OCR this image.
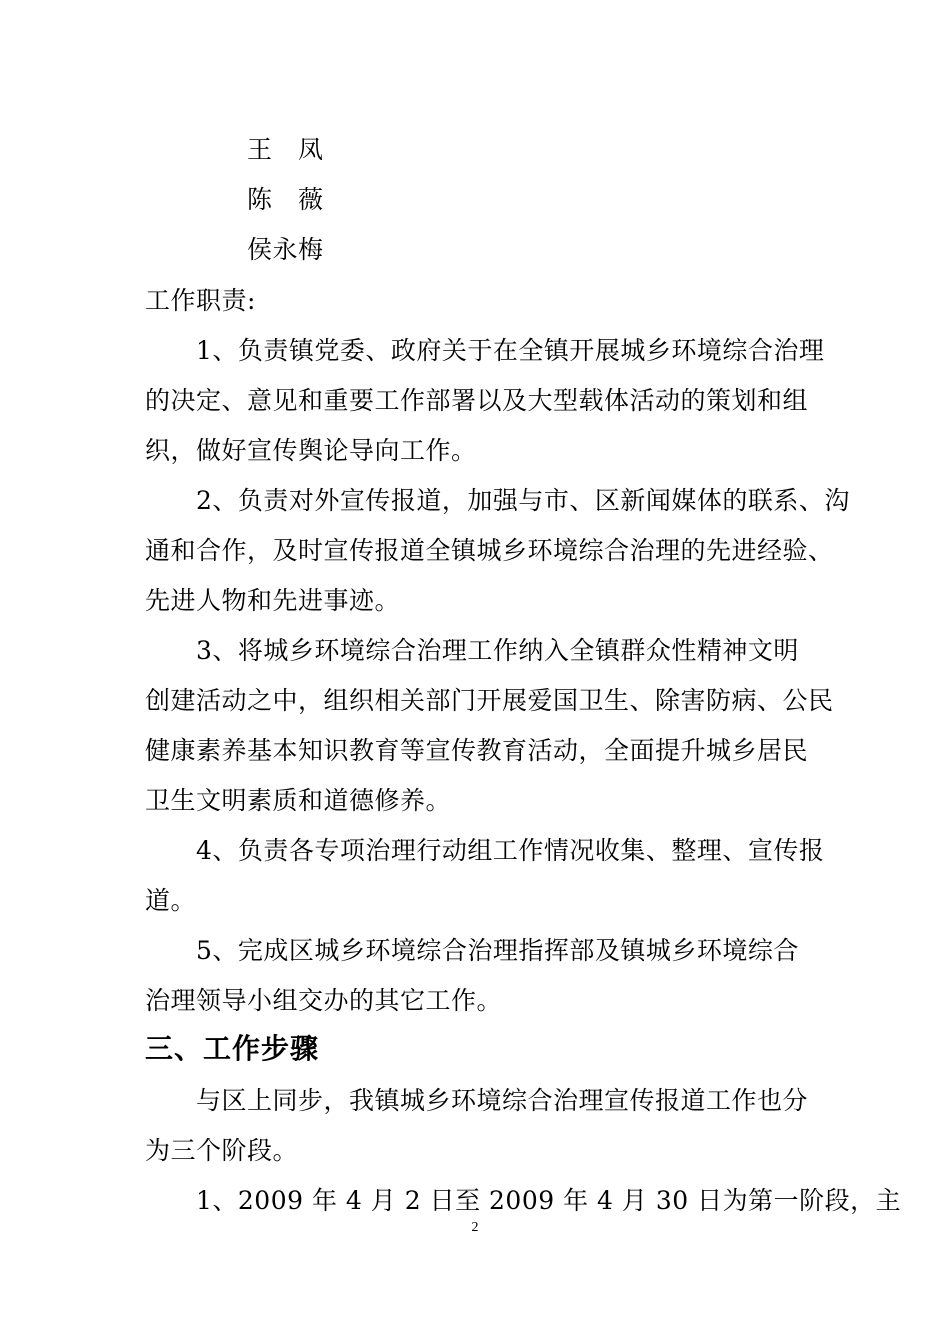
王　凤
陈　薇
侯永梅
工作职责:
1、负责镇党委、政府关于在全镇开展城乡环境综合治理
的决定、意见和重要工作部署以及大型载体活动的策划和组
织，做好宣传舆论导向工作。
2、负责对外宣传报道，加强与市、区新闻媒体的联系、沟
通和合作，及时宣传报道全镇城乡环境综合治理的先进经验、
先进人物和先进事迹。
3、将城乡环境综合治理工作纳入全镇群众性精神文明
创建活动之中，组织相关部门开展爱国卫生、除害防病、公民
健康素养基本知识教育等宣传教育活动，全面提升城乡居民
卫生文明素质和道德修养。
4、负责各专项治理行动组工作情况收集、整理、宣传报
道。
5、完成区城乡环境综合治理指挥部及镇城乡环境综合
治理领导小组交办的其它工作。
三、工作步骤
与区上同步，我镇城乡环境综合治理宣传报道工作也分
为三个阶段。
1、2009 年 4 月 2 日至 2009 年 4 月 30 日为第一阶段，主
2
